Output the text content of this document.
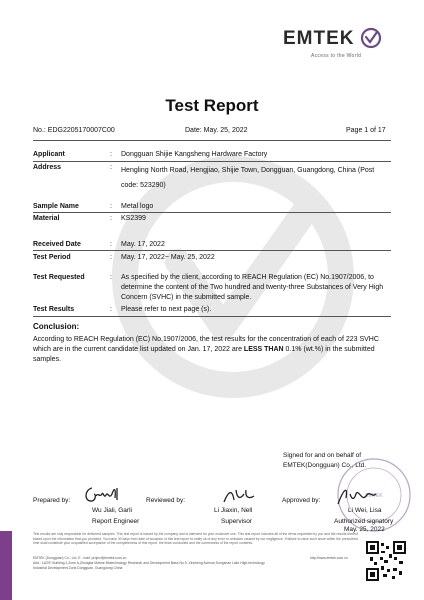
EMTEK
Access to the World
Test Report
No.: EDG2205170007C00	Date: May. 25, 2022	Page 1 of 17
Applicant	: Dongguan Shijie Kangsheng Hardware Factory
Address	: Hengling North Road, Hengjiao, Shijie Town, Dongguan, Guangdong, China (Post code: 523290)
Sample Name	: Metal logo
Material	: KS2399
Received Date	: May. 17, 2022
Test Period	: May. 17, 2022~ May. 25, 2022
Test Requested	: As specified by the client, according to REACH Regulation (EC) No.1907/2006, to determine the content of the Two hundred and twenty-three Substances of Very High Concern (SVHC) in the submitted sample.
Test Results	: Please refer to next page (s).
Conclusion:
According to REACH Regulation (EC) No.1907/2006, the test results for the concentration of each of 223 SVHC which are in the current candidate list updated on Jan. 17, 2022 are LESS THAN 0.1% (wt.%) in the submitted samples.
Signed for and on behalf of
EMTEK(Dongguan) Co., Ltd.
EMTEK
Prepared by:	Reviewed by:	Approved by:
Wu Jiali, Garli
Report Engineer
Li Jiaxin, Nell
Supervisor
Li Wei, Lisa
Authorized signatory
May. 25, 2022
Test results are only responsible for delivered samples. This test report is issued by the company and is intended for your exclusive use. This test report includes all of the items requested by you and the results thereof based upon the information that you provided. You have 30 days from date of issuance of this test report to notify us of any error or omission caused by our negligence. If failure to raise such issue within the prescribed time shall constitute your unqualified acceptance of the completeness of this report, the tests conducted and the correctness of the report contents.
http://www.emtek.com.cn
EMTEK (Dongguan) Co., Ltd. E - mail: project@emtek.com.cn
Add.: 1&2/F, Building 2,Zone A,Zhongda Marine Biotechnology Research and Development Base,No.9, Xincheng Avenue,Songshan Lake High-technology
Industrial Development Zone,Dongguan, Guangdong China
